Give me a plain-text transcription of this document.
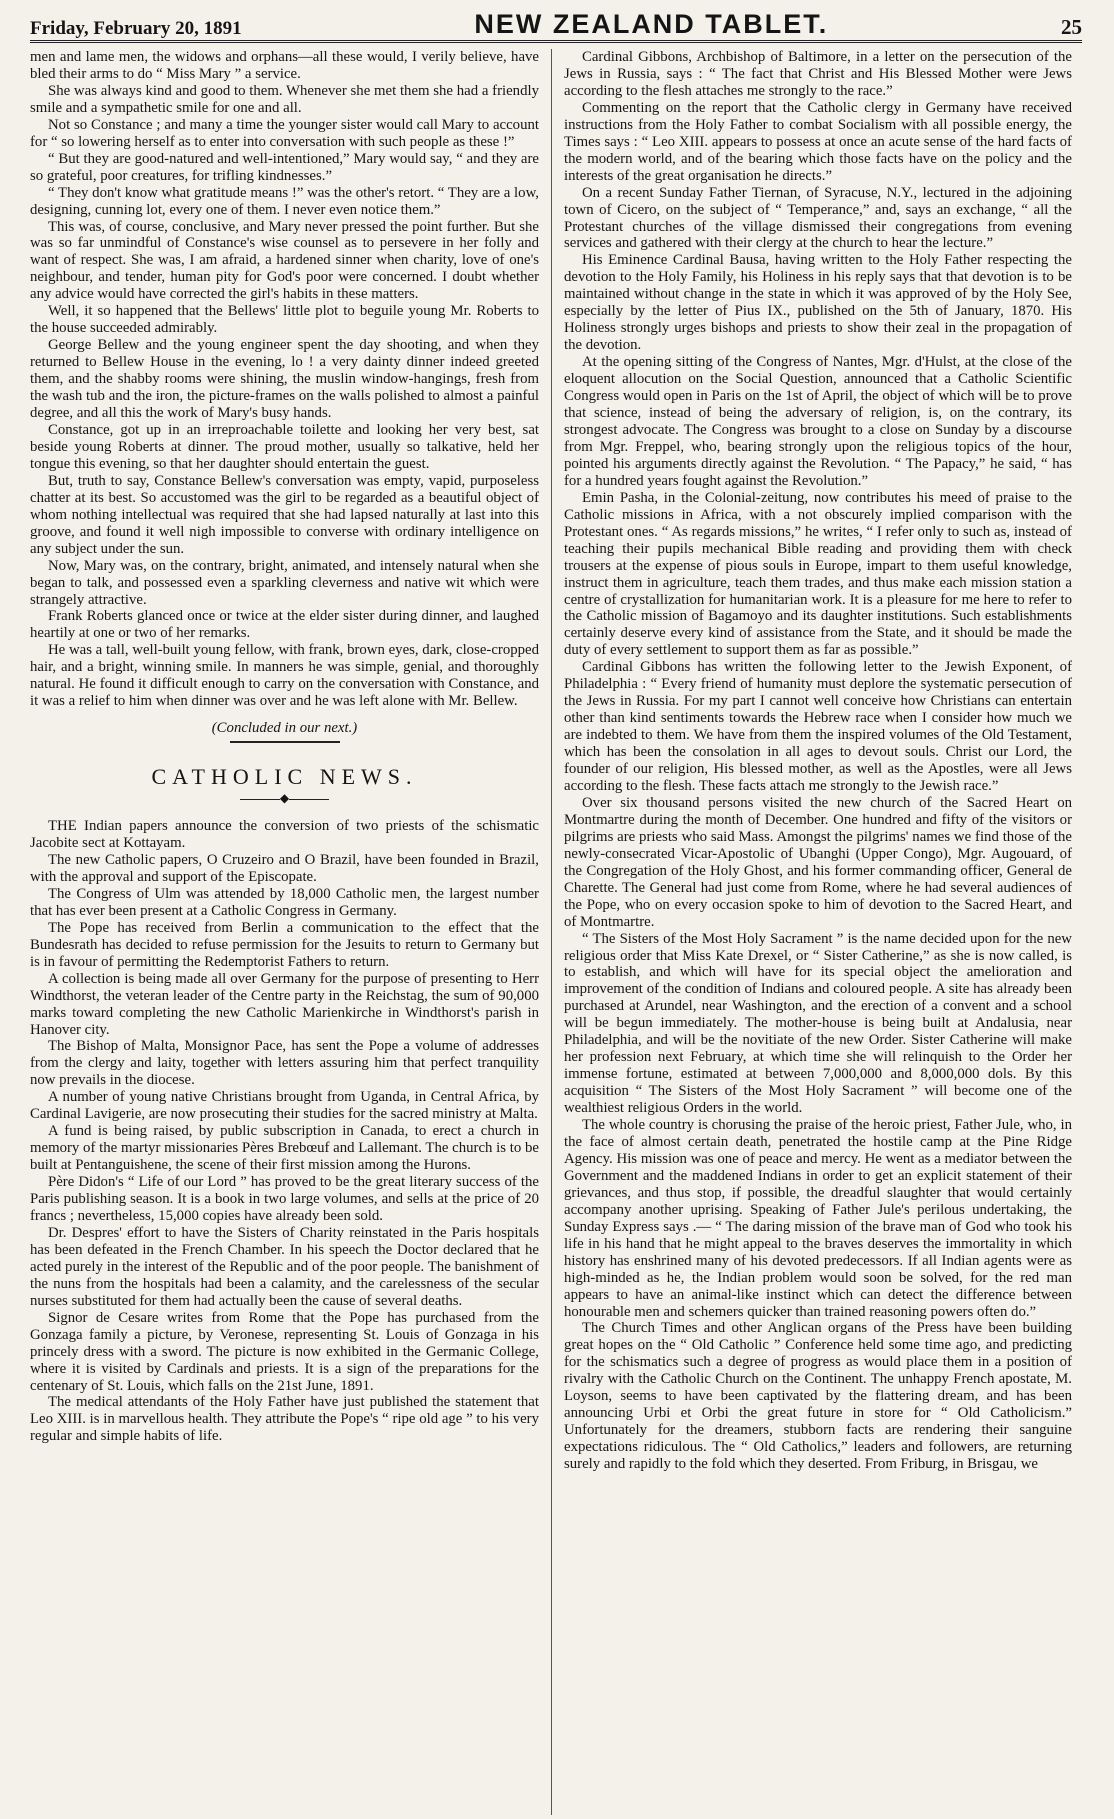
Friday, February 20, 1891	NEW ZEALAND TABLET.	25

men and lame men, the widows and orphans—all these would, I verily believe, have bled their arms to do “ Miss Mary ” a service.

She was always kind and good to them. Whenever she met them she had a friendly smile and a sympathetic smile for one and all.

Not so Constance ; and many a time the younger sister would call Mary to account for “ so lowering herself as to enter into conversation with such people as these !”

“ But they are good-natured and well-intentioned,” Mary would say, “ and they are so grateful, poor creatures, for trifling kindnesses.”

“ They don't know what gratitude means !” was the other's retort. “ They are a low, designing, cunning lot, every one of them. I never even notice them.”

This was, of course, conclusive, and Mary never pressed the point further. But she was so far unmindful of Constance's wise counsel as to persevere in her folly and want of respect. She was, I am afraid, a hardened sinner when charity, love of one's neighbour, and tender, human pity for God's poor were concerned. I doubt whether any advice would have corrected the girl's habits in these matters.

Well, it so happened that the Bellews' little plot to beguile young Mr. Roberts to the house succeeded admirably.

George Bellew and the young engineer spent the day shooting, and when they returned to Bellew House in the evening, lo ! a very dainty dinner indeed greeted them, and the shabby rooms were shining, the muslin window-hangings, fresh from the wash tub and the iron, the picture-frames on the walls polished to almost a painful degree, and all this the work of Mary's busy hands.

Constance, got up in an irreproachable toilette and looking her very best, sat beside young Roberts at dinner. The proud mother, usually so talkative, held her tongue this evening, so that her daughter should entertain the guest.

But, truth to say, Constance Bellew's conversation was empty, vapid, purposeless chatter at its best. So accustomed was the girl to be regarded as a beautiful object of whom nothing intellectual was required that she had lapsed naturally at last into this groove, and found it well nigh impossible to converse with ordinary intelligence on any subject under the sun.

Now, Mary was, on the contrary, bright, animated, and intensely natural when she began to talk, and possessed even a sparkling cleverness and native wit which were strangely attractive.

Frank Roberts glanced once or twice at the elder sister during dinner, and laughed heartily at one or two of her remarks.

He was a tall, well-built young fellow, with frank, brown eyes, dark, close-cropped hair, and a bright, winning smile. In manners he was simple, genial, and thoroughly natural. He found it difficult enough to carry on the conversation with Constance, and it was a relief to him when dinner was over and he was left alone with Mr. Bellew.

(Concluded in our next.)

CATHOLIC NEWS.

◆

THE Indian papers announce the conversion of two priests of the schismatic Jacobite sect at Kottayam.

The new Catholic papers, O Cruzeiro and O Brazil, have been founded in Brazil, with the approval and support of the Episcopate.

The Congress of Ulm was attended by 18,000 Catholic men, the largest number that has ever been present at a Catholic Congress in Germany.

The Pope has received from Berlin a communication to the effect that the Bundesrath has decided to refuse permission for the Jesuits to return to Germany but is in favour of permitting the Redemptorist Fathers to return.

A collection is being made all over Germany for the purpose of presenting to Herr Windthorst, the veteran leader of the Centre party in the Reichstag, the sum of 90,000 marks toward completing the new Catholic Marienkirche in Windthorst's parish in Hanover city.

The Bishop of Malta, Monsignor Pace, has sent the Pope a volume of addresses from the clergy and laity, together with letters assuring him that perfect tranquility now prevails in the diocese.

A number of young native Christians brought from Uganda, in Central Africa, by Cardinal Lavigerie, are now prosecuting their studies for the sacred ministry at Malta.

A fund is being raised, by public subscription in Canada, to erect a church in memory of the martyr missionaries Pères Brebœuf and Lallemant. The church is to be built at Pentanguishene, the scene of their first mission among the Hurons.

Père Didon's “ Life of our Lord ” has proved to be the great literary success of the Paris publishing season. It is a book in two large volumes, and sells at the price of 20 francs ; nevertheless, 15,000 copies have already been sold.

Dr. Despres' effort to have the Sisters of Charity reinstated in the Paris hospitals has been defeated in the French Chamber. In his speech the Doctor declared that he acted purely in the interest of the Republic and of the poor people. The banishment of the nuns from the hospitals had been a calamity, and the carelessness of the secular nurses substituted for them had actually been the cause of several deaths.

Signor de Cesare writes from Rome that the Pope has purchased from the Gonzaga family a picture, by Veronese, representing St. Louis of Gonzaga in his princely dress with a sword. The picture is now exhibited in the Germanic College, where it is visited by Cardinals and priests. It is a sign of the preparations for the centenary of St. Louis, which falls on the 21st June, 1891.

The medical attendants of the Holy Father have just published the statement that Leo XIII. is in marvellous health. They attribute the Pope's “ ripe old age ” to his very regular and simple habits of life.

Cardinal Gibbons, Archbishop of Baltimore, in a letter on the persecution of the Jews in Russia, says : “ The fact that Christ and His Blessed Mother were Jews according to the flesh attaches me strongly to the race.”

Commenting on the report that the Catholic clergy in Germany have received instructions from the Holy Father to combat Socialism with all possible energy, the Times says : “ Leo XIII. appears to possess at once an acute sense of the hard facts of the modern world, and of the bearing which those facts have on the policy and the interests of the great organisation he directs.”

On a recent Sunday Father Tiernan, of Syracuse, N.Y., lectured in the adjoining town of Cicero, on the subject of “ Temperance,” and, says an exchange, “ all the Protestant churches of the village dismissed their congregations from evening services and gathered with their clergy at the church to hear the lecture.”

His Eminence Cardinal Bausa, having written to the Holy Father respecting the devotion to the Holy Family, his Holiness in his reply says that that devotion is to be maintained without change in the state in which it was approved of by the Holy See, especially by the letter of Pius IX., published on the 5th of January, 1870. His Holiness strongly urges bishops and priests to show their zeal in the propagation of the devotion.

At the opening sitting of the Congress of Nantes, Mgr. d'Hulst, at the close of the eloquent allocution on the Social Question, announced that a Catholic Scientific Congress would open in Paris on the 1st of April, the object of which will be to prove that science, instead of being the adversary of religion, is, on the contrary, its strongest advocate. The Congress was brought to a close on Sunday by a discourse from Mgr. Freppel, who, bearing strongly upon the religious topics of the hour, pointed his arguments directly against the Revolution. “ The Papacy,” he said, “ has for a hundred years fought against the Revolution.”

Emin Pasha, in the Colonial-zeitung, now contributes his meed of praise to the Catholic missions in Africa, with a not obscurely implied comparison with the Protestant ones. “ As regards missions,” he writes, “ I refer only to such as, instead of teaching their pupils mechanical Bible reading and providing them with check trousers at the expense of pious souls in Europe, impart to them useful knowledge, instruct them in agriculture, teach them trades, and thus make each mission station a centre of crystallization for humanitarian work. It is a pleasure for me here to refer to the Catholic mission of Bagamoyo and its daughter institutions. Such establishments certainly deserve every kind of assistance from the State, and it should be made the duty of every settlement to support them as far as possible.”

Cardinal Gibbons has written the following letter to the Jewish Exponent, of Philadelphia : “ Every friend of humanity must deplore the systematic persecution of the Jews in Russia. For my part I cannot well conceive how Christians can entertain other than kind sentiments towards the Hebrew race when I consider how much we are indebted to them. We have from them the inspired volumes of the Old Testament, which has been the consolation in all ages to devout souls. Christ our Lord, the founder of our religion, His blessed mother, as well as the Apostles, were all Jews according to the flesh. These facts attach me strongly to the Jewish race.”

Over six thousand persons visited the new church of the Sacred Heart on Montmartre during the month of December. One hundred and fifty of the visitors or pilgrims are priests who said Mass. Amongst the pilgrims' names we find those of the newly-consecrated Vicar-Apostolic of Ubanghi (Upper Congo), Mgr. Augouard, of the Congregation of the Holy Ghost, and his former commanding officer, General de Charette. The General had just come from Rome, where he had several audiences of the Pope, who on every occasion spoke to him of devotion to the Sacred Heart, and of Montmartre.

“ The Sisters of the Most Holy Sacrament ” is the name decided upon for the new religious order that Miss Kate Drexel, or “ Sister Catherine,” as she is now called, is to establish, and which will have for its special object the amelioration and improvement of the condition of Indians and coloured people. A site has already been purchased at Arundel, near Washington, and the erection of a convent and a school will be begun immediately. The mother-house is being built at Andalusia, near Philadelphia, and will be the novitiate of the new Order. Sister Catherine will make her profession next February, at which time she will relinquish to the Order her immense fortune, estimated at between 7,000,000 and 8,000,000 dols. By this acquisition “ The Sisters of the Most Holy Sacrament ” will become one of the wealthiest religious Orders in the world.

The whole country is chorusing the praise of the heroic priest, Father Jule, who, in the face of almost certain death, penetrated the hostile camp at the Pine Ridge Agency. His mission was one of peace and mercy. He went as a mediator between the Government and the maddened Indians in order to get an explicit statement of their grievances, and thus stop, if possible, the dreadful slaughter that would certainly accompany another uprising. Speaking of Father Jule's perilous undertaking, the Sunday Express says .— “ The daring mission of the brave man of God who took his life in his hand that he might appeal to the braves deserves the immortality in which history has enshrined many of his devoted predecessors. If all Indian agents were as high-minded as he, the Indian problem would soon be solved, for the red man appears to have an animal-like instinct which can detect the difference between honourable men and schemers quicker than trained reasoning powers often do.”

The Church Times and other Anglican organs of the Press have been building great hopes on the “ Old Catholic ” Conference held some time ago, and predicting for the schismatics such a degree of progress as would place them in a position of rivalry with the Catholic Church on the Continent. The unhappy French apostate, M. Loyson, seems to have been captivated by the flattering dream, and has been announcing Urbi et Orbi the great future in store for “ Old Catholicism.” Unfortunately for the dreamers, stubborn facts are rendering their sanguine expectations ridiculous. The “ Old Catholics,” leaders and followers, are returning surely and rapidly to the fold which they deserted. From Friburg, in Brisgau, we
